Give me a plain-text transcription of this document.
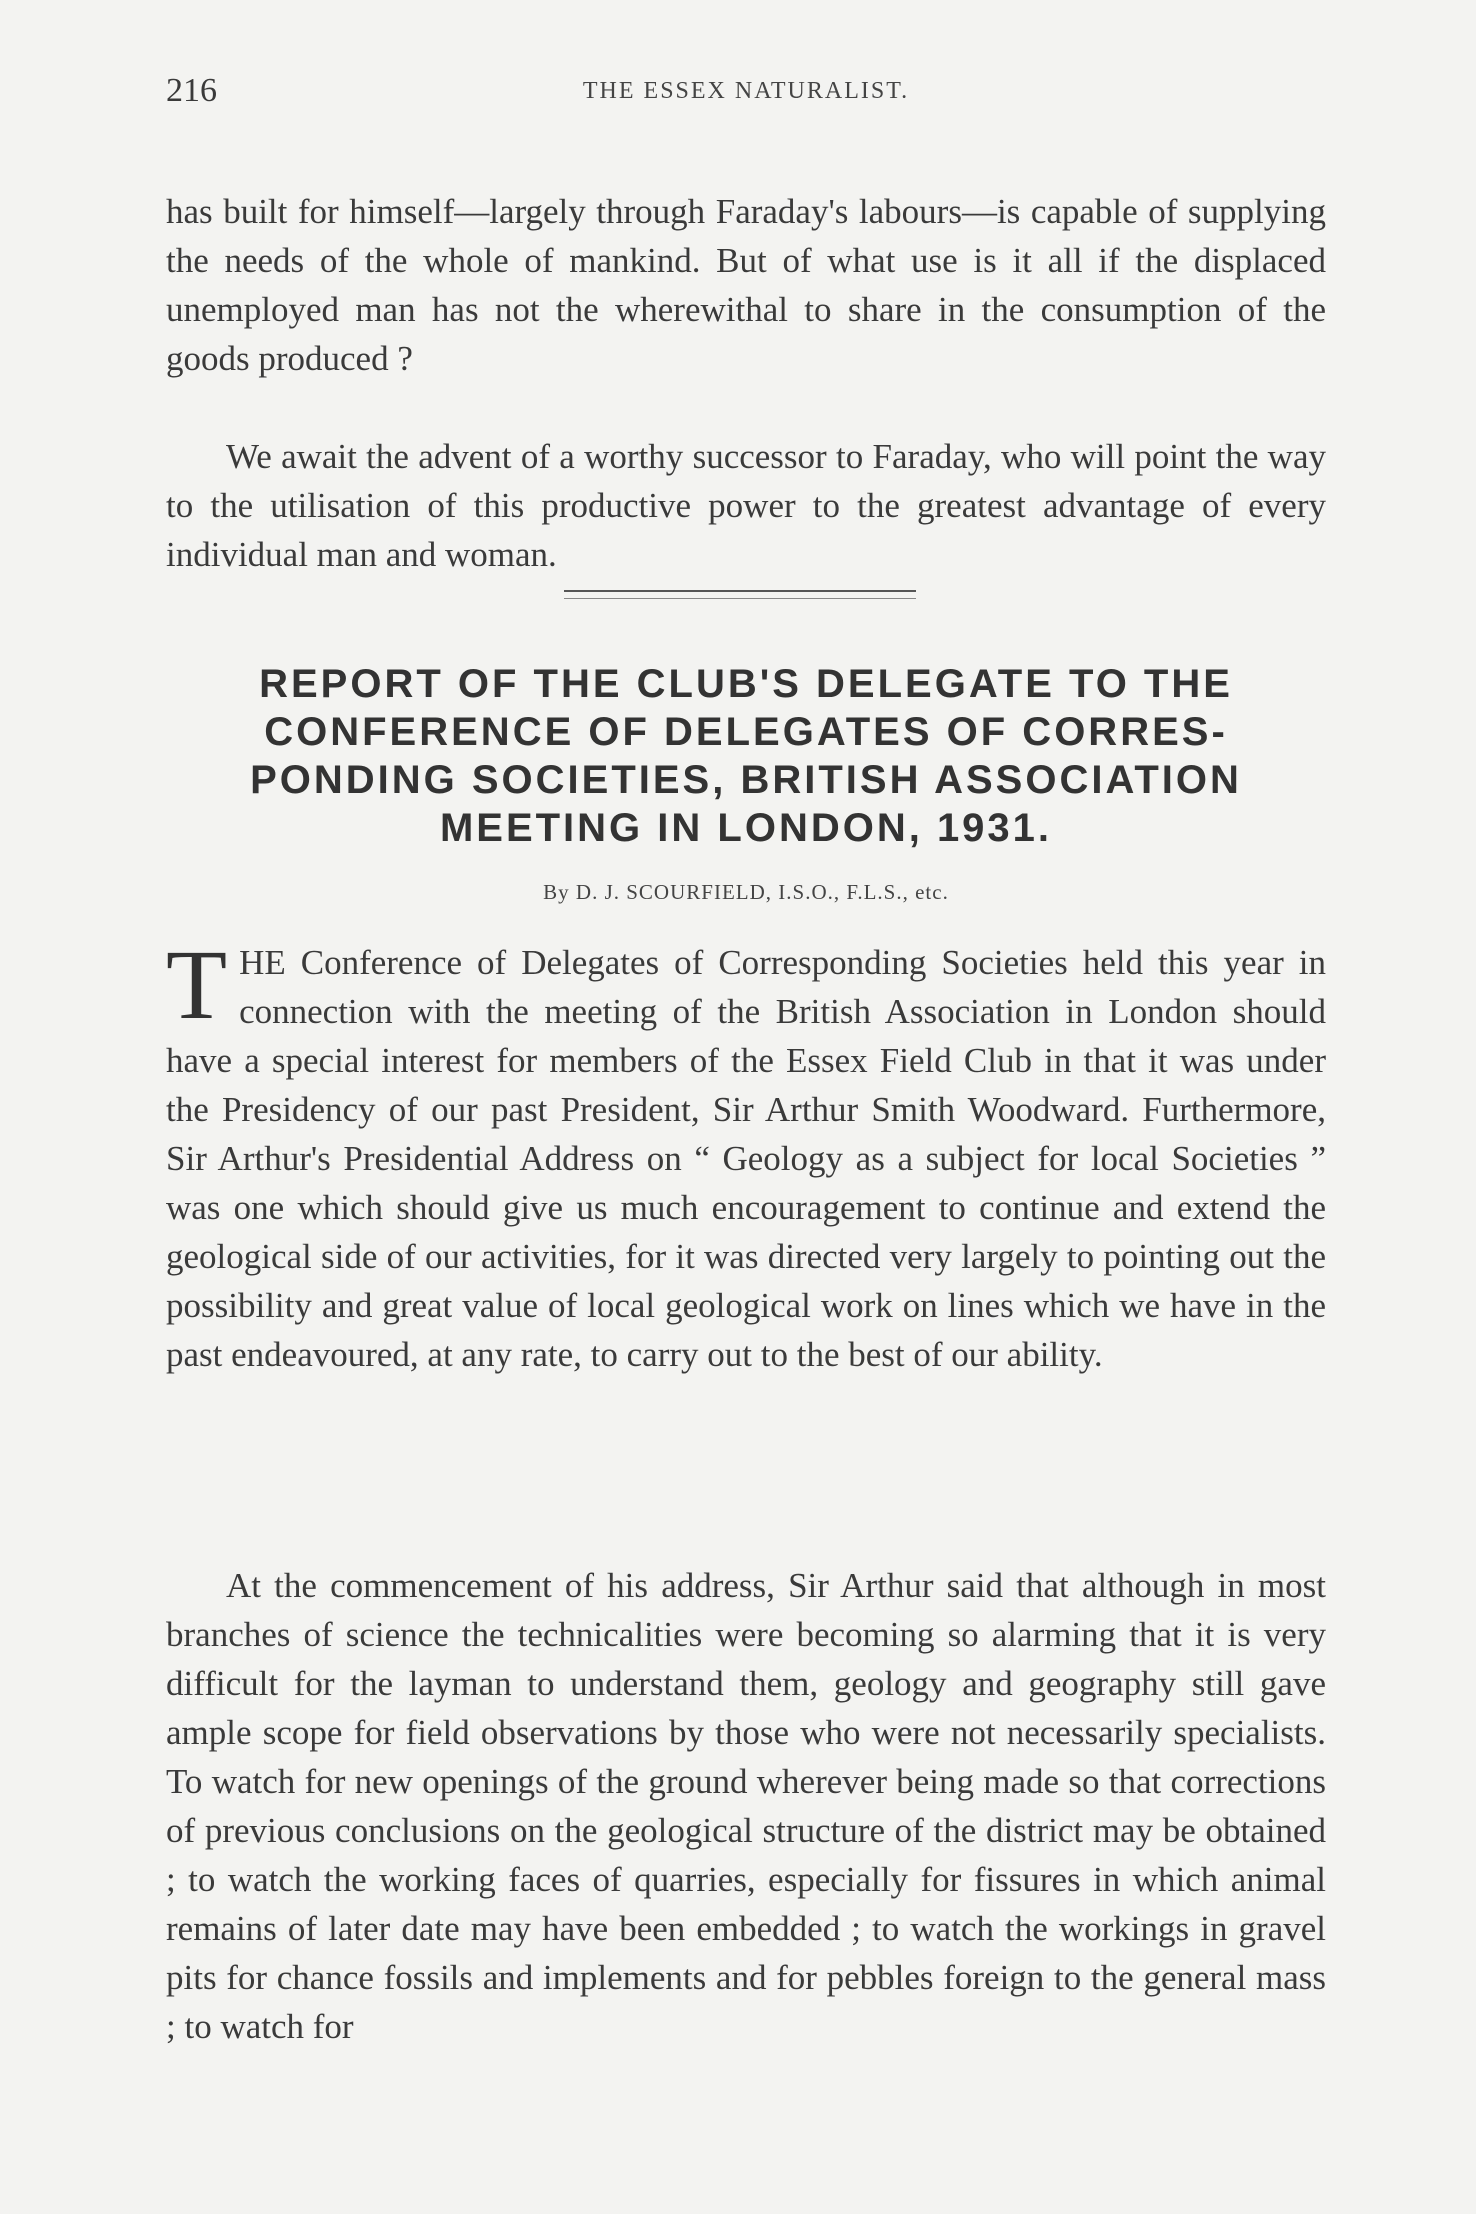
216	THE ESSEX NATURALIST.

has built for himself—largely through Faraday's labours—is capable of supplying the needs of the whole of mankind. But of what use is it all if the displaced unemployed man has not the wherewithal to share in the consumption of the goods produced ?

We await the advent of a worthy successor to Faraday, who will point the way to the utilisation of this productive power to the greatest advantage of every individual man and woman.

REPORT OF THE CLUB'S DELEGATE TO THE CONFERENCE OF DELEGATES OF CORRES-PONDING SOCIETIES, BRITISH ASSOCIATION MEETING IN LONDON, 1931.
By D. J. SCOURFIELD, I.S.O., F.L.S., etc.
T HE Conference of Delegates of Corresponding Societies held this year in connection with the meeting of the British Association in London should have a special interest for members of the Essex Field Club in that it was under the Presidency of our past President, Sir Arthur Smith Woodward. Furthermore, Sir Arthur's Presidential Address on “ Geology as a subject for local Societies ” was one which should give us much encouragement to continue and extend the geological side of our activities, for it was directed very largely to pointing out the possibility and great value of local geological work on lines which we have in the past endeavoured, at any rate, to carry out to the best of our ability.

At the commencement of his address, Sir Arthur said that although in most branches of science the technicalities were becoming so alarming that it is very difficult for the layman to understand them, geology and geography still gave ample scope for field observations by those who were not necessarily specialists. To watch for new openings of the ground wherever being made so that corrections of previous conclusions on the geological structure of the district may be obtained ; to watch the working faces of quarries, especially for fissures in which animal remains of later date may have been embedded ; to watch the workings in gravel pits for chance fossils and implements and for pebbles foreign to the general mass ; to watch for
